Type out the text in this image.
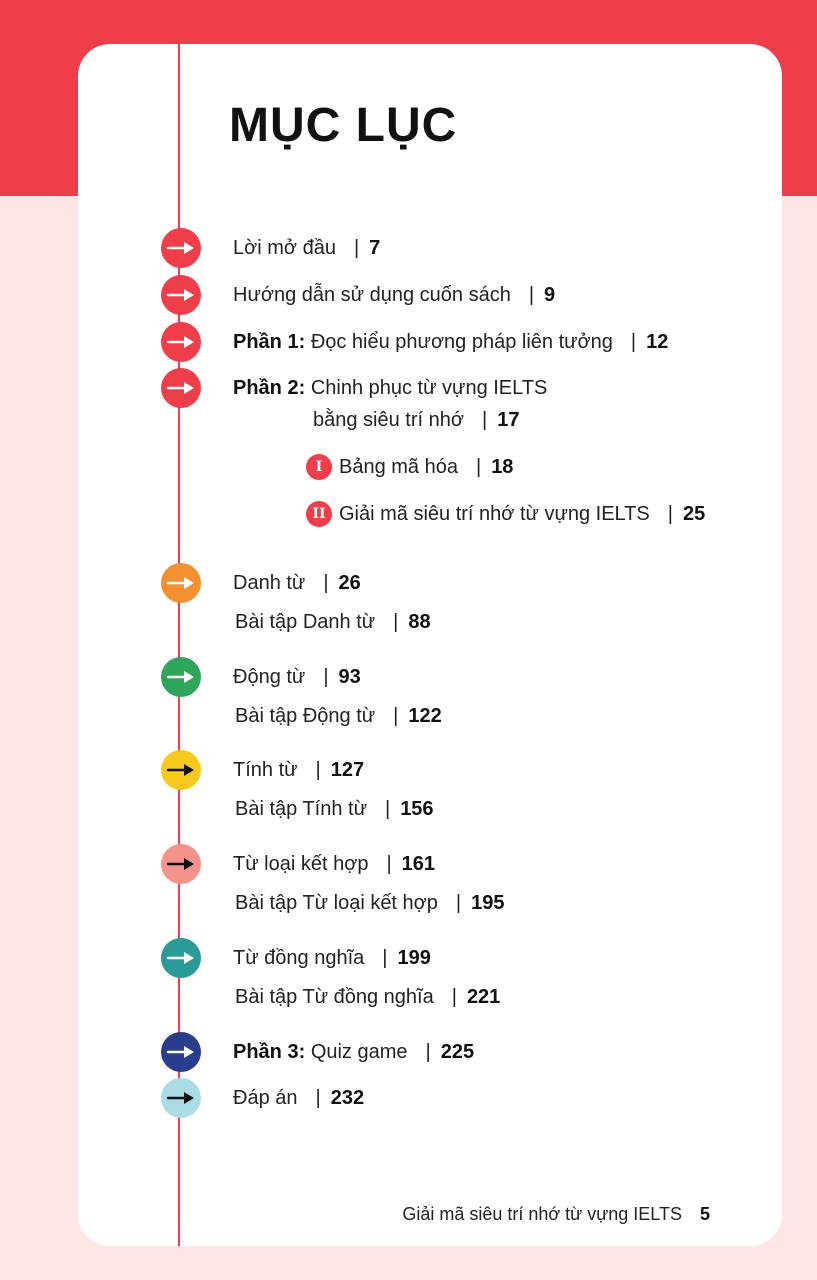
MỤC LỤC
Lời mở đầu | 7
Hướng dẫn sử dụng cuốn sách | 9
Phần 1: Đọc hiểu phương pháp liên tưởng | 12
Phần 2: Chinh phục từ vựng IELTS
bằng siêu trí nhớ | 17
I Bảng mã hóa | 18
II Giải mã siêu trí nhớ từ vựng IELTS | 25
Danh từ | 26
Bài tập Danh từ | 88
Động từ | 93
Bài tập Động từ | 122
Tính từ | 127
Bài tập Tính từ | 156
Từ loại kết hợp | 161
Bài tập Từ loại kết hợp | 195
Từ đồng nghĩa | 199
Bài tập Từ đồng nghĩa | 221
Phần 3: Quiz game | 225
Đáp án | 232
Giải mã siêu trí nhớ từ vựng IELTS 5
